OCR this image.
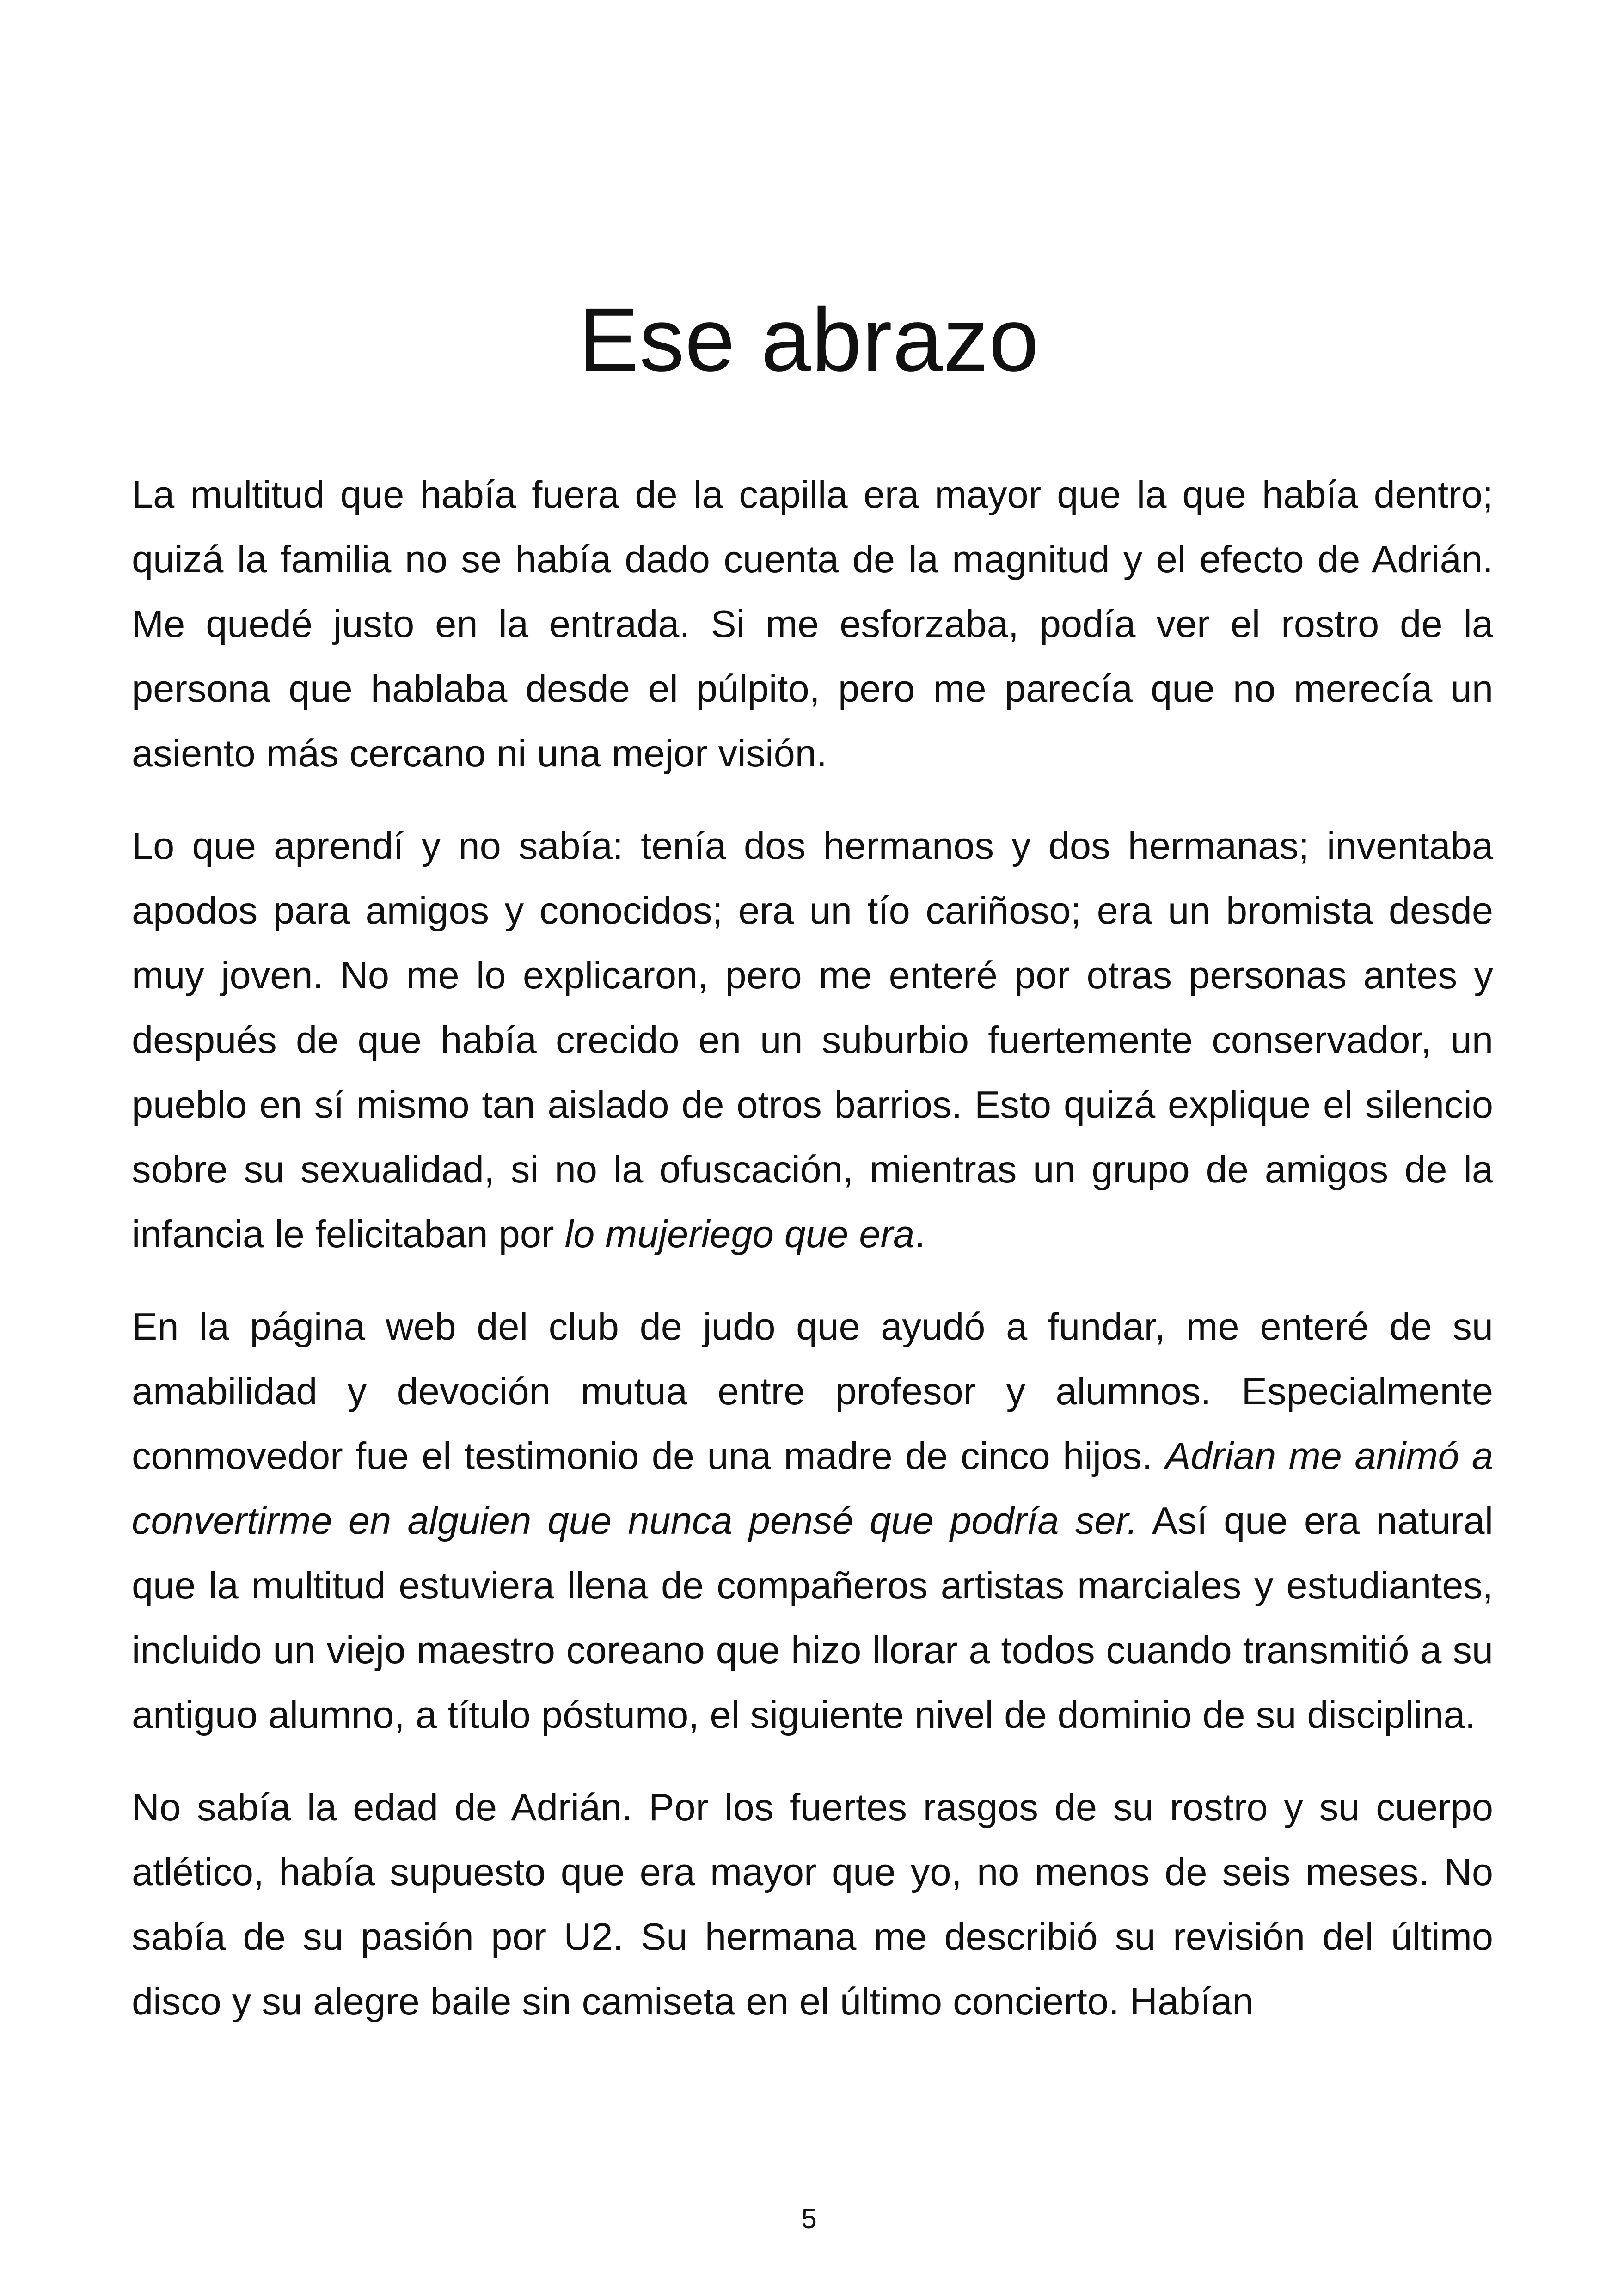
Ese abrazo

La multitud que había fuera de la capilla era mayor que la que había dentro; quizá la familia no se había dado cuenta de la magnitud y el efecto de Adrián. Me quedé justo en la entrada. Si me esforzaba, podía ver el rostro de la persona que hablaba desde el púlpito, pero me parecía que no merecía un asiento más cercano ni una mejor visión.

Lo que aprendí y no sabía: tenía dos hermanos y dos hermanas; inventaba apodos para amigos y conocidos; era un tío cariñoso; era un bromista desde muy joven. No me lo explicaron, pero me enteré por otras personas antes y después de que había crecido en un suburbio fuertemente conservador, un pueblo en sí mismo tan aislado de otros barrios. Esto quizá explique el silencio sobre su sexualidad, si no la ofuscación, mientras un grupo de amigos de la infancia le felicitaban por lo mujeriego que era.

En la página web del club de judo que ayudó a fundar, me enteré de su amabilidad y devoción mutua entre profesor y alumnos. Especialmente conmovedor fue el testimonio de una madre de cinco hijos. Adrian me animó a convertirme en alguien que nunca pensé que podría ser. Así que era natural que la multitud estuviera llena de compañeros artistas marciales y estudiantes, incluido un viejo maestro coreano que hizo llorar a todos cuando transmitió a su antiguo alumno, a título póstumo, el siguiente nivel de dominio de su disciplina.

No sabía la edad de Adrián. Por los fuertes rasgos de su rostro y su cuerpo atlético, había supuesto que era mayor que yo, no menos de seis meses. No sabía de su pasión por U2. Su hermana me describió su revisión del último disco y su alegre baile sin camiseta en el último concierto. Habían

5
